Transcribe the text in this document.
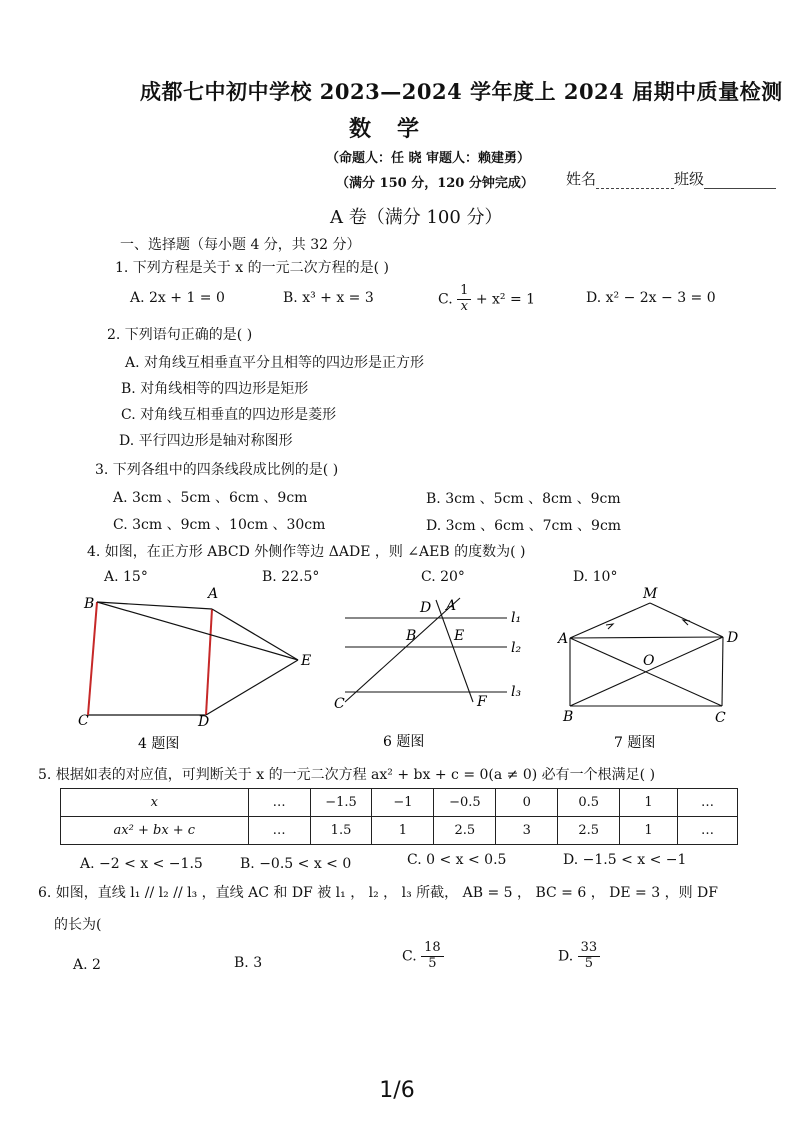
成都七中初中学校 2023—2024 学年度上 2024 届期中质量检测
数学
（命题人：任 晓 审题人：赖建勇）
（满分 150 分，120 分钟完成） 姓名	班级
A 卷（满分 100 分）
一、选择题（每小题 4 分，共 32 分）
1. 下列方程是关于 x 的一元二次方程的是( )
A. 2x + 1 = 0	B. x³ + x = 3	C. $\frac{1}{x} + x^2 = 1$	D. x² − 2x − 3 = 0
2. 下列语句正确的是( )
A. 对角线互相垂直平分且相等的四边形是正方形
B. 对角线相等的四边形是矩形
C. 对角线互相垂直的四边形是菱形
D. 平行四边形是轴对称图形
3. 下列各组中的四条线段成比例的是( )
A. 3cm 、5cm 、6cm 、9cm	B. 3cm 、5cm 、8cm 、9cm
C. 3cm 、9cm 、10cm 、30cm	D. 3cm 、6cm 、7cm 、9cm
4. 如图，在正方形 ABCD 外侧作等边 ΔADE ，则 ∠AEB 的度数为( )
A. 15°	B. 22.5°	C. 20°	D. 10°
B
A
E
C	D
4 题图
D A
B	E
C	F
l₁
l₂
l₃
6 题图
M
A	D
O
B	C
7 题图
5. 根据如表的对应值，可判断关于 x 的一元二次方程 ax² + bx + c = 0(a ≠ 0) 必有一个根满足( )
x	…	−1.5	−1	−0.5	0	0.5	1	…
ax² + bx + c	…	1.5	1	2.5	3	2.5	1	…
A. −2 < x < −1.5	B. −0.5 < x < 0	C. 0 < x < 0.5	D. −1.5 < x < −1
6. 如图，直线 l₁ // l₂ // l₃ ，直线 AC 和 DF 被 l₁ ， l₂ ， l₃ 所截， AB = 5 ， BC = 6 ， DE = 3 ，则 DF
的长为(
A. 2	B. 3	C. $\frac{18}{5}$	D. $\frac{33}{5}$
1/6
